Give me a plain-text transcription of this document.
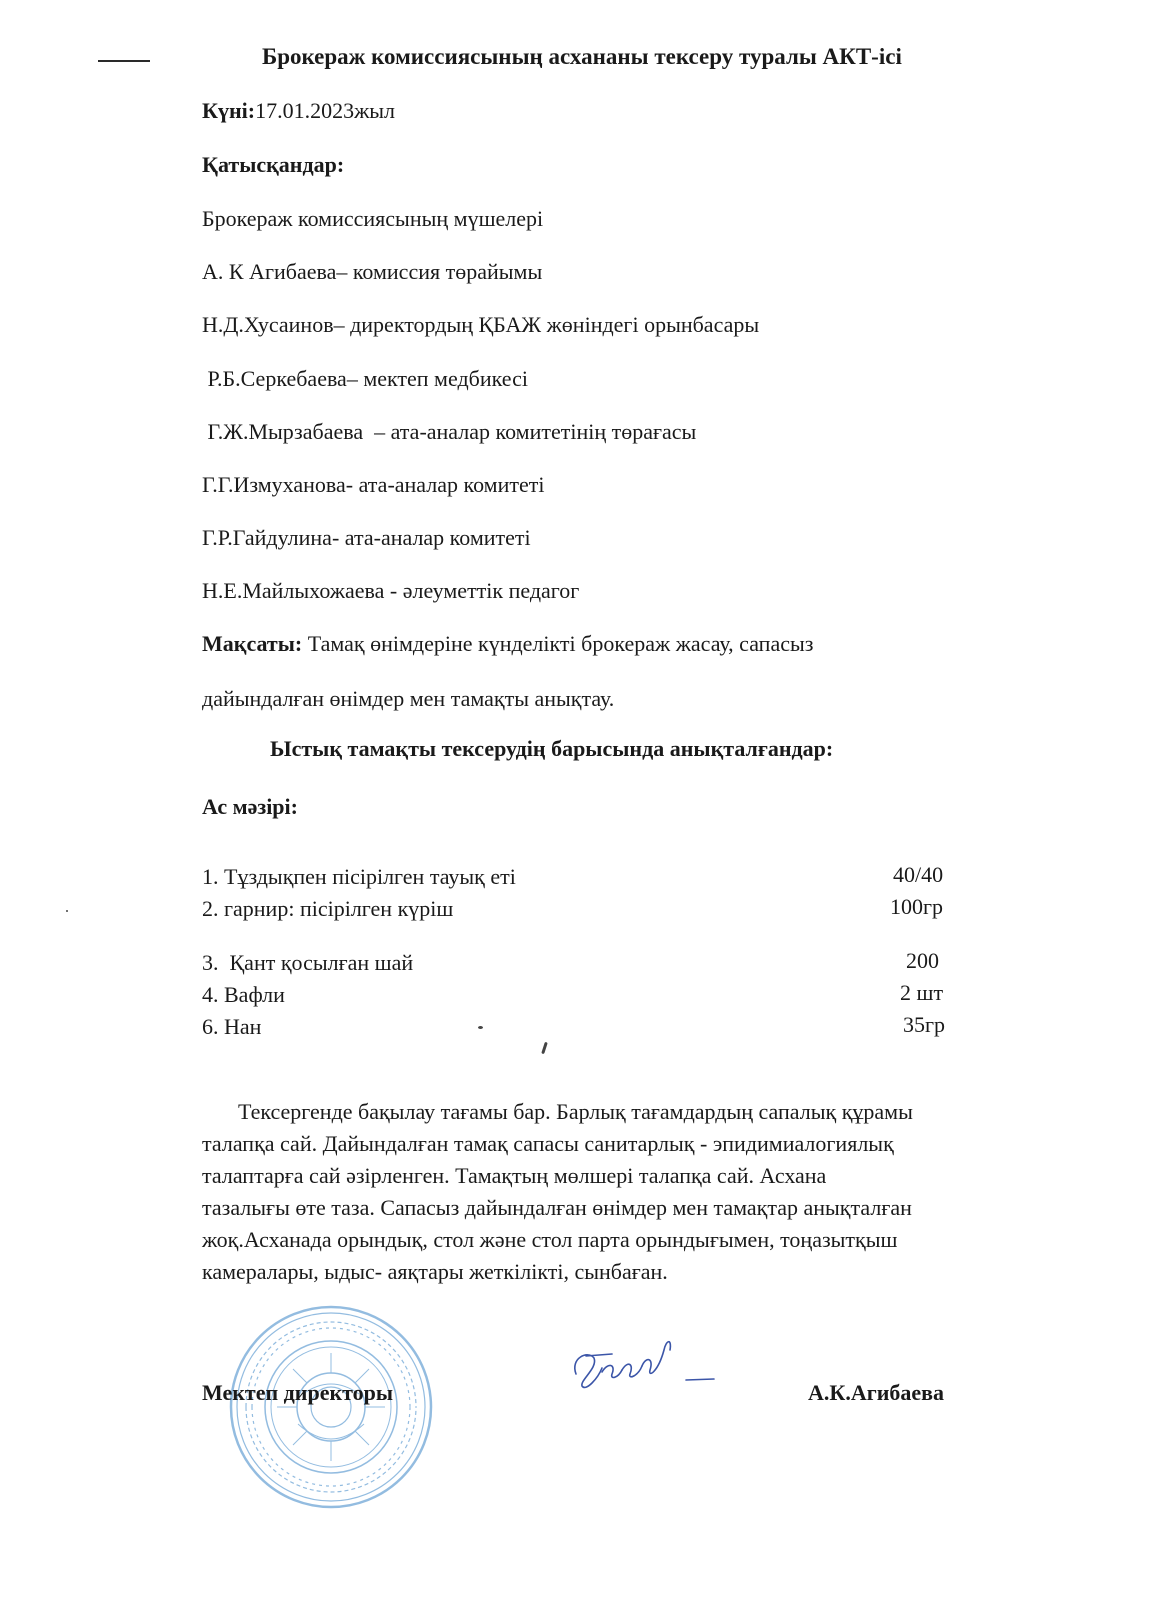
Брокераж комиссиясының асхананы тексеру туралы АКТ-ісі
Күні:17.01.2023жыл
Қатысқандар:
Брокераж комиссиясының мүшелері
А. К Агибаева– комиссия төрайымы
Н.Д.Хусаинов– директордың ҚБАЖ жөніндегі орынбасары
Р.Б.Серкебаева– мектеп медбикесі
Г.Ж.Мырзабаева  – ата-аналар комитетінің төрағасы
Г.Г.Измуханова- ата-аналар комитеті
Г.Р.Гайдулина- ата-аналар комитеті
Н.Е.Майлыхожаева - әлеуметтік педагог
Мақсаты: Тамақ өнімдеріне күнделікті брокераж жасау, сапасыз
дайындалған өнімдер мен тамақты анықтау.
Ыстық тамақты тексерудің барысында анықталғандар:
Ас мәзірі:
1. Тұздықпен пісірілген тауық еті	40/40
2. гарнир: пісірілген күріш	100гр
3.  Қант қосылған шай	200
4. Вафли	2 шт
6. Нан	35гр

Тексергенде бақылау тағамы бар. Барлық тағамдардың сапалық құрамы

талапқа сай. Дайындалған тамақ сапасы санитарлық - эпидимиалогиялық

талаптарға сай әзірленген. Тамақтың мөлшері талапқа сай. Асхана

тазалығы өте таза. Сапасыз дайындалған өнімдер мен тамақтар анықталған

жоқ.Асханада орындық, стол және стол парта орындығымен, тоңазытқыш

камералары, ыдыс- аяқтары жеткілікті, сынбаған.

Мектеп директоры	А.К.Агибаева
